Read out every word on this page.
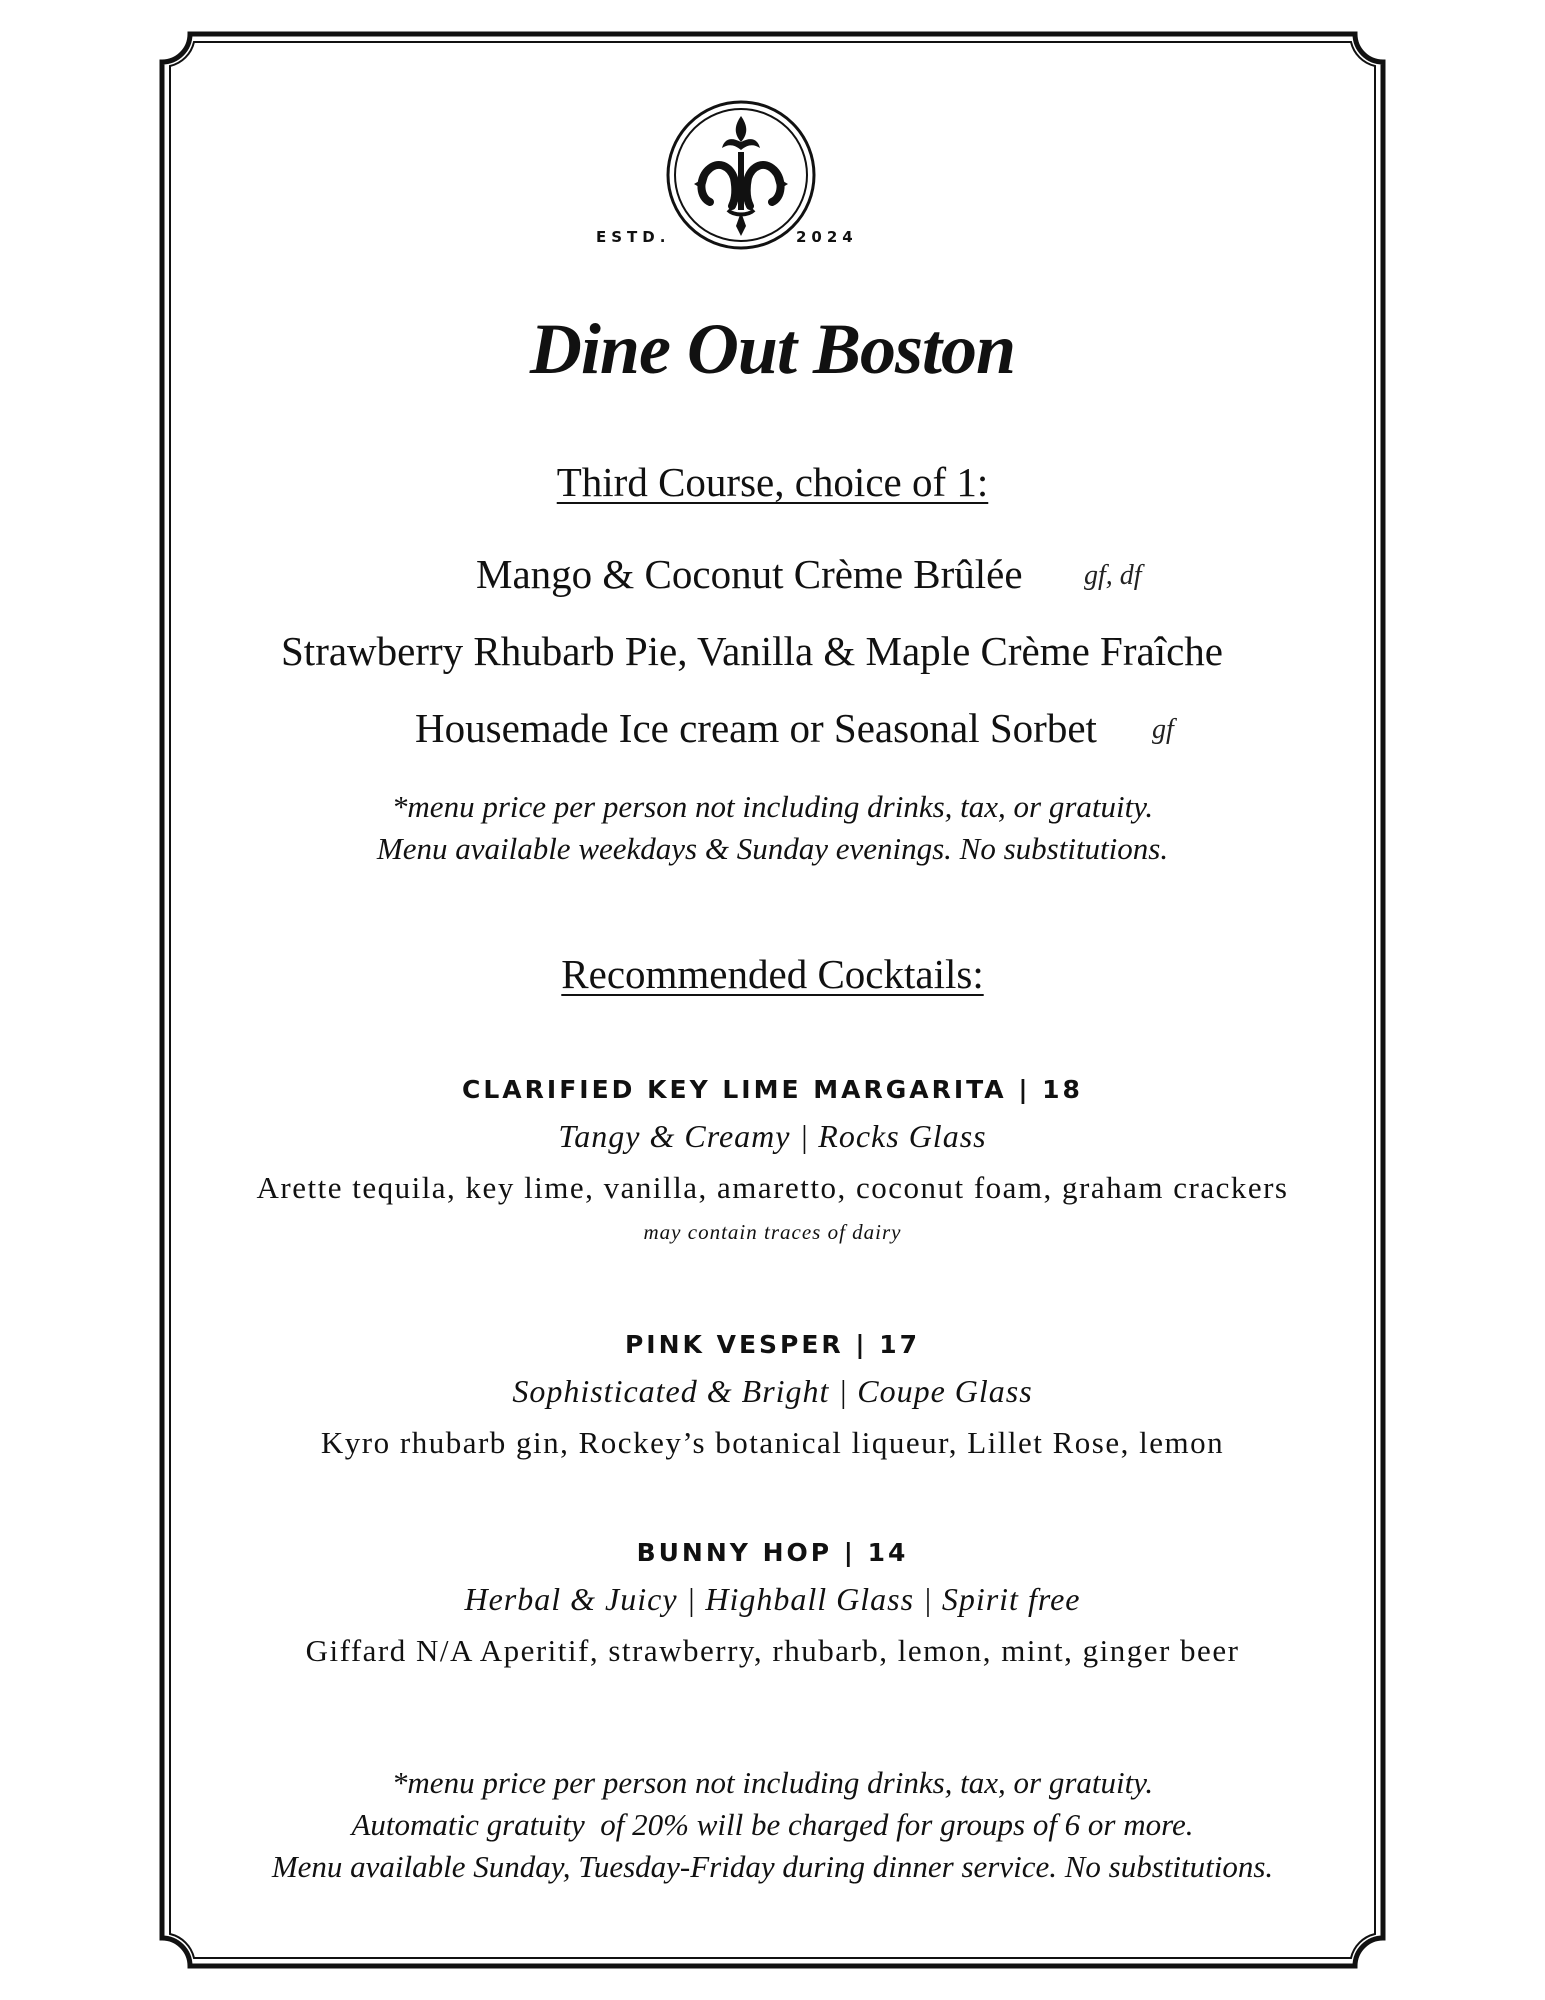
ESTD.	2024
Dine Out Boston
Third Course, choice of 1:
Mango & Coconut Crème Brûlée gf, df
Strawberry Rhubarb Pie, Vanilla & Maple Crème Fraîche
Housemade Ice cream or Seasonal Sorbet gf
*menu price per person not including drinks, tax, or gratuity.
Menu available weekdays & Sunday evenings. No substitutions.
Recommended Cocktails:
CLARIFIED KEY LIME MARGARITA | 18
Tangy & Creamy | Rocks Glass
Arette tequila, key lime, vanilla, amaretto, coconut foam, graham crackers
may contain traces of dairy
PINK VESPER | 17
Sophisticated & Bright | Coupe Glass
Kyro rhubarb gin, Rockey’s botanical liqueur, Lillet Rose, lemon
BUNNY HOP | 14
Herbal & Juicy | Highball Glass | Spirit free
Giffard N/A Aperitif, strawberry, rhubarb, lemon, mint, ginger beer
*menu price per person not including drinks, tax, or gratuity.
Automatic gratuity  of 20% will be charged for groups of 6 or more.
Menu available Sunday, Tuesday-Friday during dinner service. No substitutions.
